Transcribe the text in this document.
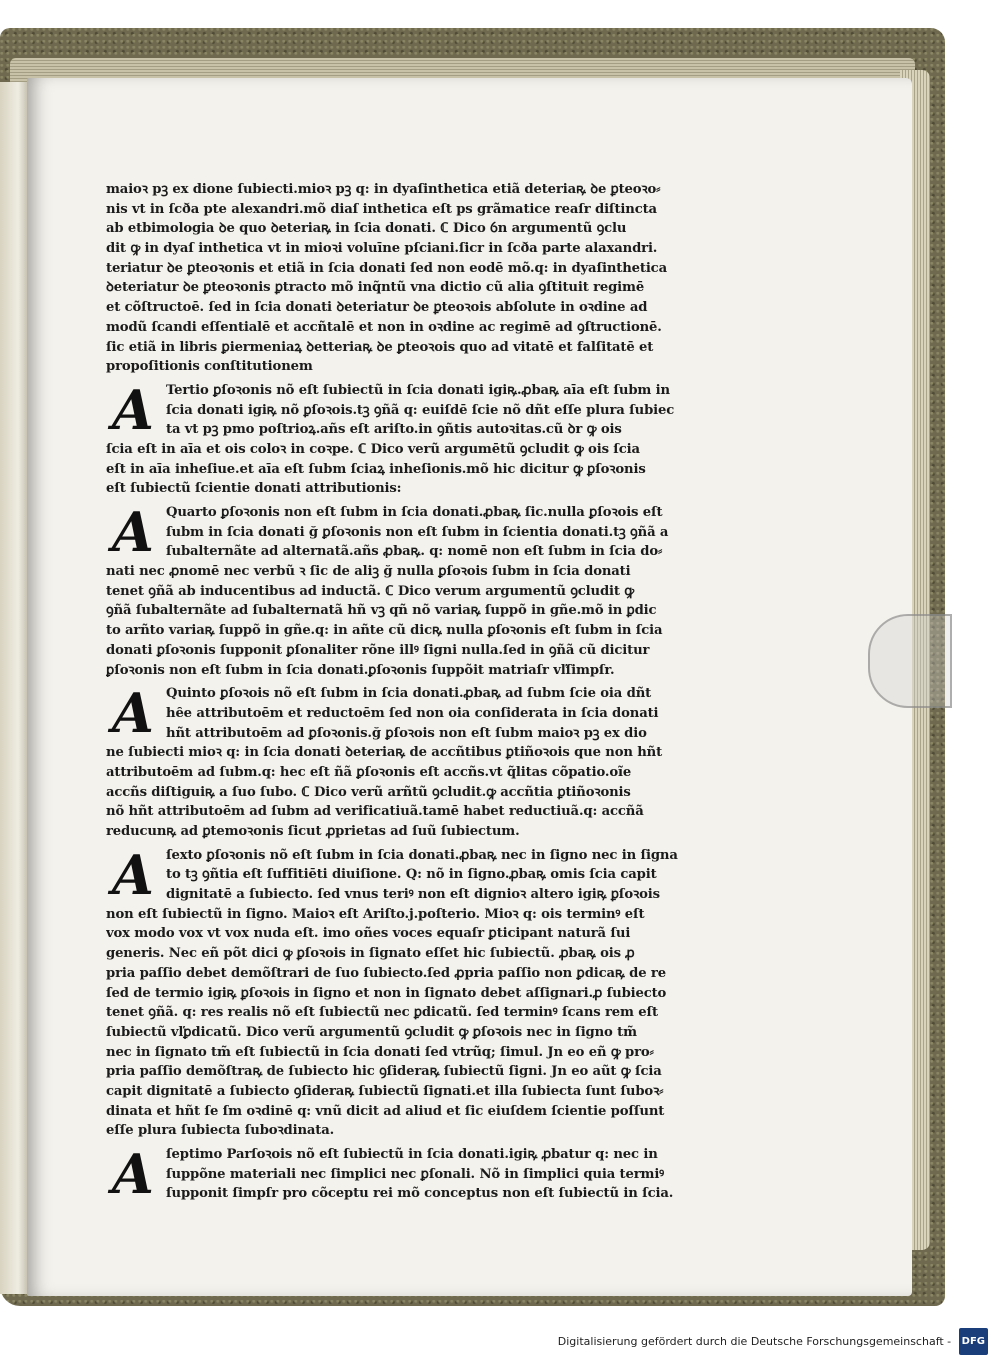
maioꝛ pꝫ ex dione ſubiecti.mioꝛ pꝫ q: in dyaſinthetica etiã deteriaꝶ ꝺe ꝑteoꝛo⸗
nis vt in ſcða pte alexandri.mõ diaſ inthetica eſt ps grãmatice reaſr diſtincta
ab etbimologia ꝺe quo ꝺeteriaꝶ in ſcia donati. ℂ Dico ỽn argumentũ ꝯclu
dit ꝙ in dyaſ inthetica vt in mioꝛi voluīne pſciani.ſicr in ſcða parte alaxandri.
teriatur ꝺe ꝑteoꝛonis et etiã in ſcia donati ſed non eodē mõ.q: in dyaſinthetica
ꝺeteriatur ꝺe ꝑteoꝛonis ꝑtracto mõ inq̃ntũ vna dictio cũ alia ꝯſtituit regimē
et cõſtructoē. ſed in ſcia donati ꝺeteriatur ꝺe ꝑteoꝛois abſolute in oꝛdine ad
modũ ſcandi eſſentialē et accñtalē et non in oꝛdine ac regimē ad ꝯſtructionē.
ſic etiã in libris ꝑiermeniaꝝ ꝺetteriaꝶ ꝺe ꝑteoꝛois quo ad vitatē et falſitatē et
propoſitionis conſtitutionem
A Tertio ꝑſoꝛonis nõ eſt ſubiectũ in ſcia donati igiꝶ.ꝓbaꝶ aīa eſt ſubm in
ſcia donati igiꝶ nõ ꝑſoꝛois.tꝫ ꝯñã q: euiſdē ſcie nõ dñt eſſe plura ſubiec
ta vt pꝫ pmo poſtrioꝝ.añs eſt ariſto.in ꝯñtis autoꝛitas.cũ ꝺr ꝙ ois
ſcia eſt in aīa et ois coloꝛ in coꝛpe. ℂ Dico verũ argumētũ ꝯcludit ꝙ ois ſcia
eſt in aīa inheſiue.et aīa eſt ſubm ſciaꝝ inheſionis.mõ hic dicitur ꝙ ꝑſoꝛonis
eſt ſubiectũ ſcientie donati attributionis:
A Quarto ꝑſoꝛonis non eſt ſubm in ſcia donati.ꝓbaꝶ ſic.nulla ꝑſoꝛois eſt
ſubm in ſcia donati ğ ꝑſoꝛonis non eſt ſubm in ſcientia donati.tꝫ ꝯñã a
ſubalternãte ad alternatã.añs ꝓbaꝶ. q: nomē non eſt ſubm in ſcia do⸗
nati nec ꝓnomē nec verbũ ꝛ ſic de aliꝫ ğ nulla ꝑſoꝛois ſubm in ſcia donati
tenet ꝯñã ab inducentibus ad inductã. ℂ Dico verum argumentũ ꝯcludit ꝙ
ꝯñã ſubalternãte ad ſubalternatã hñ vꝫ qñ nõ variaꝶ ſuppõ in gñe.mõ in ꝑdic
to arñto variaꝶ ſuppõ in gñe.q: in añte cũ dicꝶ nulla ꝑſoꝛonis eſt ſubm in ſcia
donati ꝑſoꝛonis ſupponit ꝑſonaliter rõne illꝰ ſigni nulla.ſed in ꝯñã cũ dicitur
ꝑſoꝛonis non eſt ſubm in ſcia donati.ꝑſoꝛonis ſuppõit matriaſr vľſimpſr.
A Quinto ꝑſoꝛois nõ eſt ſubm in ſcia donati.ꝓbaꝶ ad ſubm ſcie oia dñt
hȇe attributoēm et reductoēm ſed non oia conſiderata in ſcia donati
hñt attributoēm ad ꝑſoꝛonis.ğ ꝑſoꝛois non eſt ſubm maioꝛ pꝫ ex dio
ne ſubiecti mioꝛ q: in ſcia donati ꝺeteriaꝶ de accñtibus ꝑtiñoꝛois que non hñt
attributoēm ad ſubm.q: hec eſt ñã ꝑſoꝛonis eſt accñs.vt q̃litas cõpatio.oĩe
accñs diſtiguiꝶ a ſuo ſubo. ℂ Dico verũ arñtũ ꝯcludit.ꝙ accñtia ꝑtiñoꝛonis
nõ hñt attributoēm ad ſubm ad verificatiuã.tamē habet reductiuã.q: accñã
reducunꝶ ad ꝑtemoꝛonis ſicut ꝓprietas ad ſuũ ſubiectum.
A ſexto ꝑſoꝛonis nõ eſt ſubm in ſcia donati.ꝓbaꝶ nec in ſigno nec in ſigna
to tꝫ ꝯñtia eſt ſuffitiēti diuiſione. Q: nõ in ſigno.ꝓbaꝶ omis ſcia capit
dignitatē a ſubiecto. ſed vnus teriꝰ non eſt dignioꝛ altero igiꝶ ꝑſoꝛois
non eſt ſubiectũ in ſigno. Maioꝛ eſt Ariſto.j.poſterio. Mioꝛ q: ois terminꝰ eſt
vox modo vox vt vox nuda eſt. imo oñes voces equaſr ꝑticipant naturã ſui
generis. Nec eñ põt dici ꝙ ꝑſoꝛois in ſignato eſſet hic ſubiectũ. ꝓbaꝶ ois ꝓ
pria paſſio debet demõſtrari de ſuo ſubiecto.ſed ꝓpria paſſio non ꝑdicaꝶ de re
ſed de termio igiꝶ ꝑſoꝛois in ſigno et non in ſignato debet aſſignari.ꝓ ſubiecto
tenet ꝯñã. q: res realis nõ eſt ſubiectũ nec ꝑdicatũ. ſed terminꝰ ſcans rem eſt
ſubiectũ vľꝑdicatũ. Dico verũ argumentũ ꝯcludit ꝙ ꝑſoꝛois nec in ſigno tm̃
nec in ſignato tm̃ eſt ſubiectũ in ſcia donati ſed vtrũq; ſimul. Jn eo eñ ꝙ pro⸗
pria paſſio demõſtraꝶ de ſubiecto hic ꝯſideraꝶ ſubiectũ ſigni. Jn eo aũt ꝙ ſcia
capit dignitatē a ſubiecto ꝯſideraꝶ ſubiectũ ſignati.et illa ſubiecta ſunt ſuboꝛ⸗
dinata et hñt ſe ſm oꝛdinē q: vnũ dicit ad aliud et ſic eiuſdem ſcientie poſſunt
eſſe plura ſubiecta ſuboꝛdinata.
A ſeptimo Parſoꝛois nõ eſt ſubiectũ in ſcia donati.igiꝶ ꝓbatur q: nec in
ſuppõne materiali nec ſimplici nec ꝑſonali. Nõ in ſimplici quia termiꝰ
ſupponit ſimpſr pro cõceptu rei mõ conceptus non eſt ſubiectũ in ſcia.
Digitalisierung gefördert durch die Deutsche Forschungsgemeinschaft - DFG
